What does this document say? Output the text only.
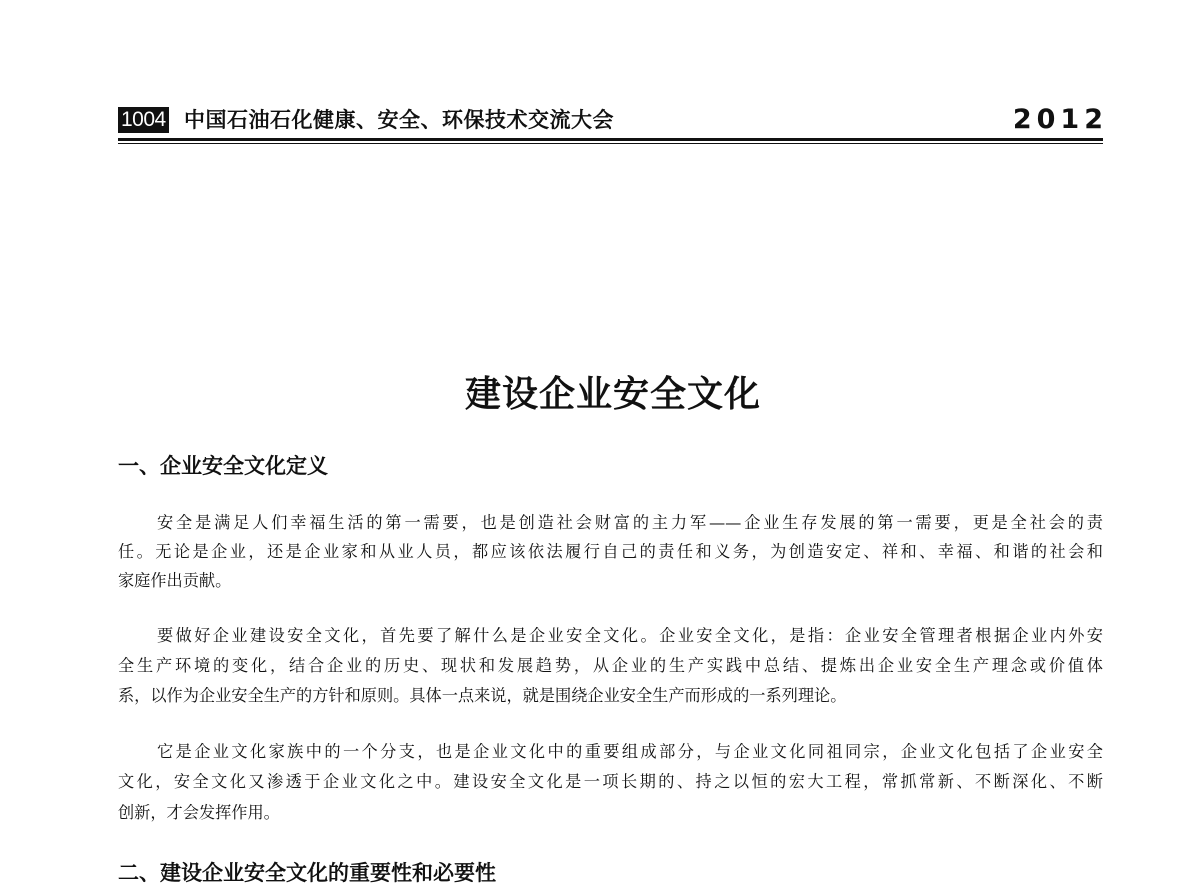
1004 中国石油石化健康、安全、环保技术交流大会	2012
建设企业安全文化
一、企业安全文化定义
安全是满足人们幸福生活的第一需要，也是创造社会财富的主力军——企业生存发展的第一需要，更是全社会的责
任。无论是企业，还是企业家和从业人员，都应该依法履行自己的责任和义务，为创造安定、祥和、幸福、和谐的社会和
家庭作出贡献。
要做好企业建设安全文化，首先要了解什么是企业安全文化。企业安全文化，是指：企业安全管理者根据企业内外安
全生产环境的变化，结合企业的历史、现状和发展趋势，从企业的生产实践中总结、提炼出企业安全生产理念或价值体
系，以作为企业安全生产的方针和原则。具体一点来说，就是围绕企业安全生产而形成的一系列理论。
它是企业文化家族中的一个分支，也是企业文化中的重要组成部分，与企业文化同祖同宗，企业文化包括了企业安全
文化，安全文化又渗透于企业文化之中。建设安全文化是一项长期的、持之以恒的宏大工程，常抓常新、不断深化、不断
创新，才会发挥作用。
二、建设企业安全文化的重要性和必要性
